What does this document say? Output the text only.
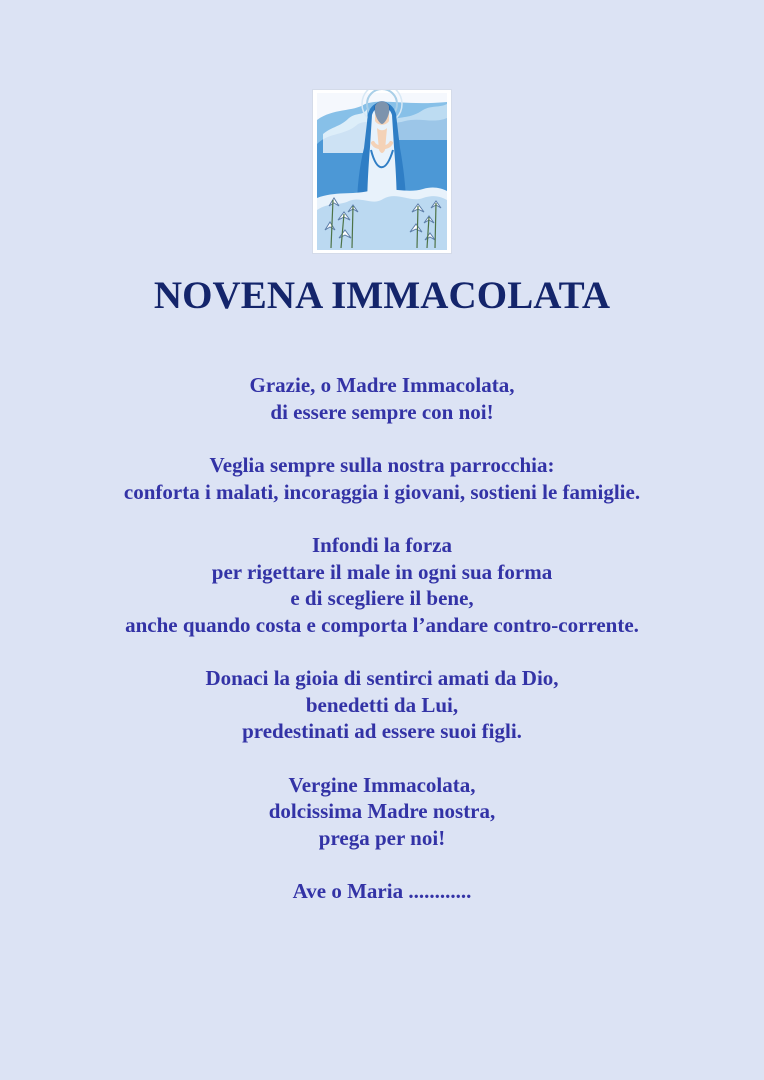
NOVENA IMMACOLATA
Grazie, o Madre Immacolata,
di essere sempre con noi!
Veglia sempre sulla nostra parrocchia:
conforta i malati, incoraggia i giovani, sostieni le famiglie.
Infondi la forza
per rigettare il male in ogni sua forma
e di scegliere il bene,
anche quando costa e comporta l’andare contro-corrente.
Donaci la gioia di sentirci amati da Dio,
benedetti da Lui,
predestinati ad essere suoi figli.
Vergine Immacolata,
dolcissima Madre nostra,
prega per noi!
Ave o Maria ............
